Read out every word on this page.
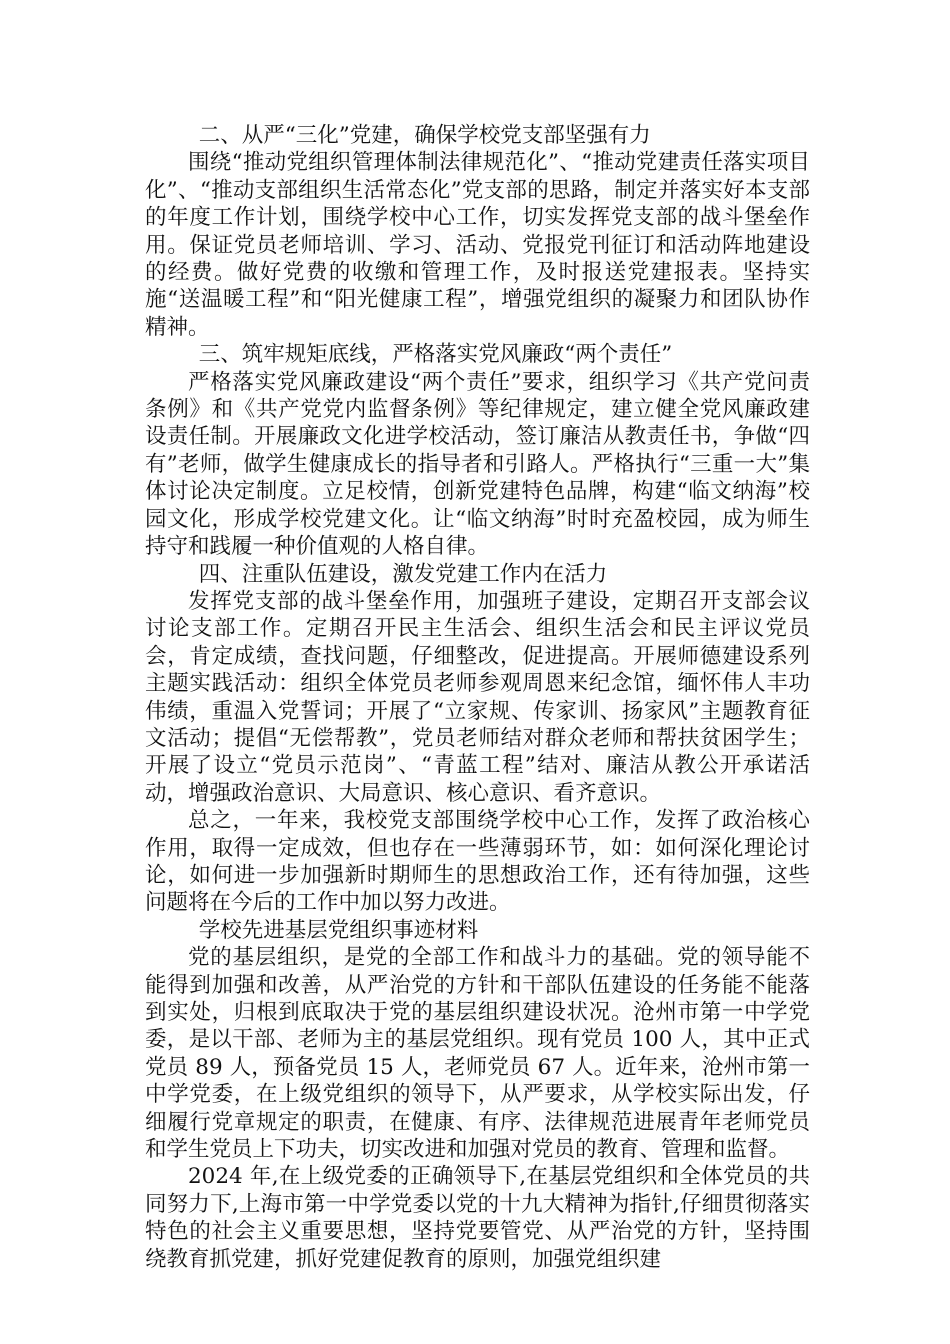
二、从严“三化”党建，确保学校党支部坚强有力

围绕“推动党组织管理体制法律规范化”、“推动党建责任落实项目化”、“推动支部组织生活常态化”党支部的思路，制定并落实好本支部的年度工作计划，围绕学校中心工作，切实发挥党支部的战斗堡垒作用。保证党员老师培训、学习、活动、党报党刊征订和活动阵地建设的经费。做好党费的收缴和管理工作，及时报送党建报表。坚持实施“送温暖工程”和“阳光健康工程”，增强党组织的凝聚力和团队协作精神。

三、筑牢规矩底线，严格落实党风廉政“两个责任”

严格落实党风廉政建设“两个责任”要求，组织学习《共产党问责条例》和《共产党党内监督条例》等纪律规定，建立健全党风廉政建设责任制。开展廉政文化进学校活动，签订廉洁从教责任书，争做“四有”老师，做学生健康成长的指导者和引路人。严格执行“三重一大”集体讨论决定制度。立足校情，创新党建特色品牌，构建“临文纳海”校园文化，形成学校党建文化。让“临文纳海”时时充盈校园，成为师生持守和践履一种价值观的人格自律。

四、注重队伍建设，激发党建工作内在活力

发挥党支部的战斗堡垒作用，加强班子建设，定期召开支部会议讨论支部工作。定期召开民主生活会、组织生活会和民主评议党员会，肯定成绩，查找问题，仔细整改，促进提高。开展师德建设系列主题实践活动：组织全体党员老师参观周恩来纪念馆，缅怀伟人丰功伟绩，重温入党誓词；开展了“立家规、传家训、扬家风”主题教育征文活动；提倡“无偿帮教”，党员老师结对群众老师和帮扶贫困学生；开展了设立“党员示范岗”、“青蓝工程”结对、廉洁从教公开承诺活动，增强政治意识、大局意识、核心意识、看齐意识。

总之，一年来，我校党支部围绕学校中心工作，发挥了政治核心作用，取得一定成效，但也存在一些薄弱环节，如：如何深化理论讨论，如何进一步加强新时期师生的思想政治工作，还有待加强，这些问题将在今后的工作中加以努力改进。

学校先进基层党组织事迹材料

党的基层组织，是党的全部工作和战斗力的基础。党的领导能不能得到加强和改善，从严治党的方针和干部队伍建设的任务能不能落到实处，归根到底取决于党的基层组织建设状况。沧州市第一中学党委，是以干部、老师为主的基层党组织。现有党员 100 人，其中正式党员 89 人，预备党员 15 人，老师党员 67 人。近年来，沧州市第一中学党委，在上级党组织的领导下，从严要求，从学校实际出发，仔细履行党章规定的职责，在健康、有序、法律规范进展青年老师党员和学生党员上下功夫，切实改进和加强对党员的教育、管理和监督。

2024 年,在上级党委的正确领导下,在基层党组织和全体党员的共同努力下,上海市第一中学党委以党的十九大精神为指针,仔细贯彻落实特色的社会主义重要思想，坚持党要管党、从严治党的方针，坚持围绕教育抓党建，抓好党建促教育的原则，加强党组织建
